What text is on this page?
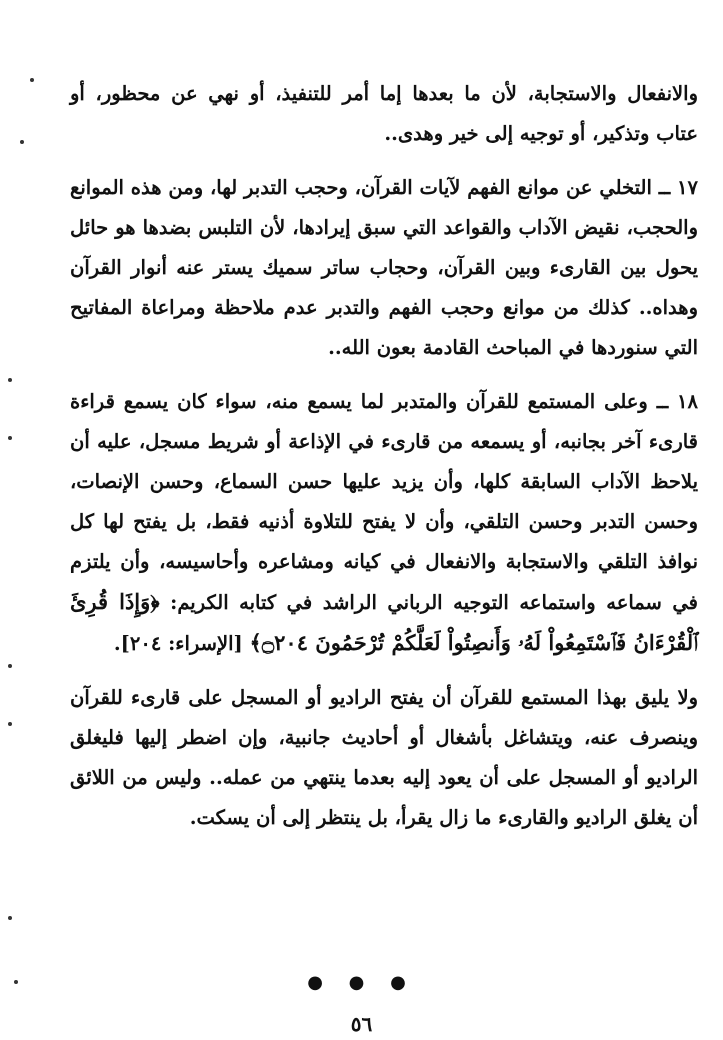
والانفعال والاستجابة، لأن ما بعدها إما أمر للتنفيذ، أو نهي عن محظور، أو عتاب وتذكير، أو توجيه إلى خير وهدى..

١٧ ــ التخلي عن موانع الفهم لآيات القرآن، وحجب التدبر لها، ومن هذه الموانع والحجب، نقيض الآداب والقواعد التي سبق إيرادها، لأن التلبس بضدها هو حائل يحول بين القارىء وبين القرآن، وحجاب ساتر سميك يستر عنه أنوار القرآن وهداه.. كذلك من موانع وحجب الفهم والتدبر عدم ملاحظة ومراعاة المفاتيح التي سنوردها في المباحث القادمة بعون الله..

١٨ ــ وعلى المستمع للقرآن والمتدبر لما يسمع منه، سواء كان يسمع قراءة قارىء آخر بجانبه، أو يسمعه من قارىء في الإذاعة أو شريط مسجل، عليه أن يلاحظ الآداب السابقة كلها، وأن يزيد عليها حسن السماع، وحسن الإنصات، وحسن التدبر وحسن التلقي، وأن لا يفتح للتلاوة أذنيه فقط، بل يفتح لها كل نوافذ التلقي والاستجابة والانفعال في كيانه ومشاعره وأحاسيسه، وأن يلتزم في سماعه واستماعه التوجيه الرباني الراشد في كتابه الكريم: ﴿وَإِذَا قُرِئَ ٱلْقُرْءَانُ فَٱسْتَمِعُواْ لَهُۥ وَأَنصِتُواْ لَعَلَّكُمْ تُرْحَمُونَ ۝٢٠٤﴾ [الإسراء: ٢٠٤].

ولا يليق بهذا المستمع للقرآن أن يفتح الراديو أو المسجل على قارىء للقرآن وينصرف عنه، ويتشاغل بأشغال أو أحاديث جانبية، وإن اضطر إليها فليغلق الراديو أو المسجل على أن يعود إليه بعدما ينتهي من عمله.. وليس من اللائق أن يغلق الراديو والقارىء ما زال يقرأ، بل ينتظر إلى أن يسكت.

● ● ●
٥٦
